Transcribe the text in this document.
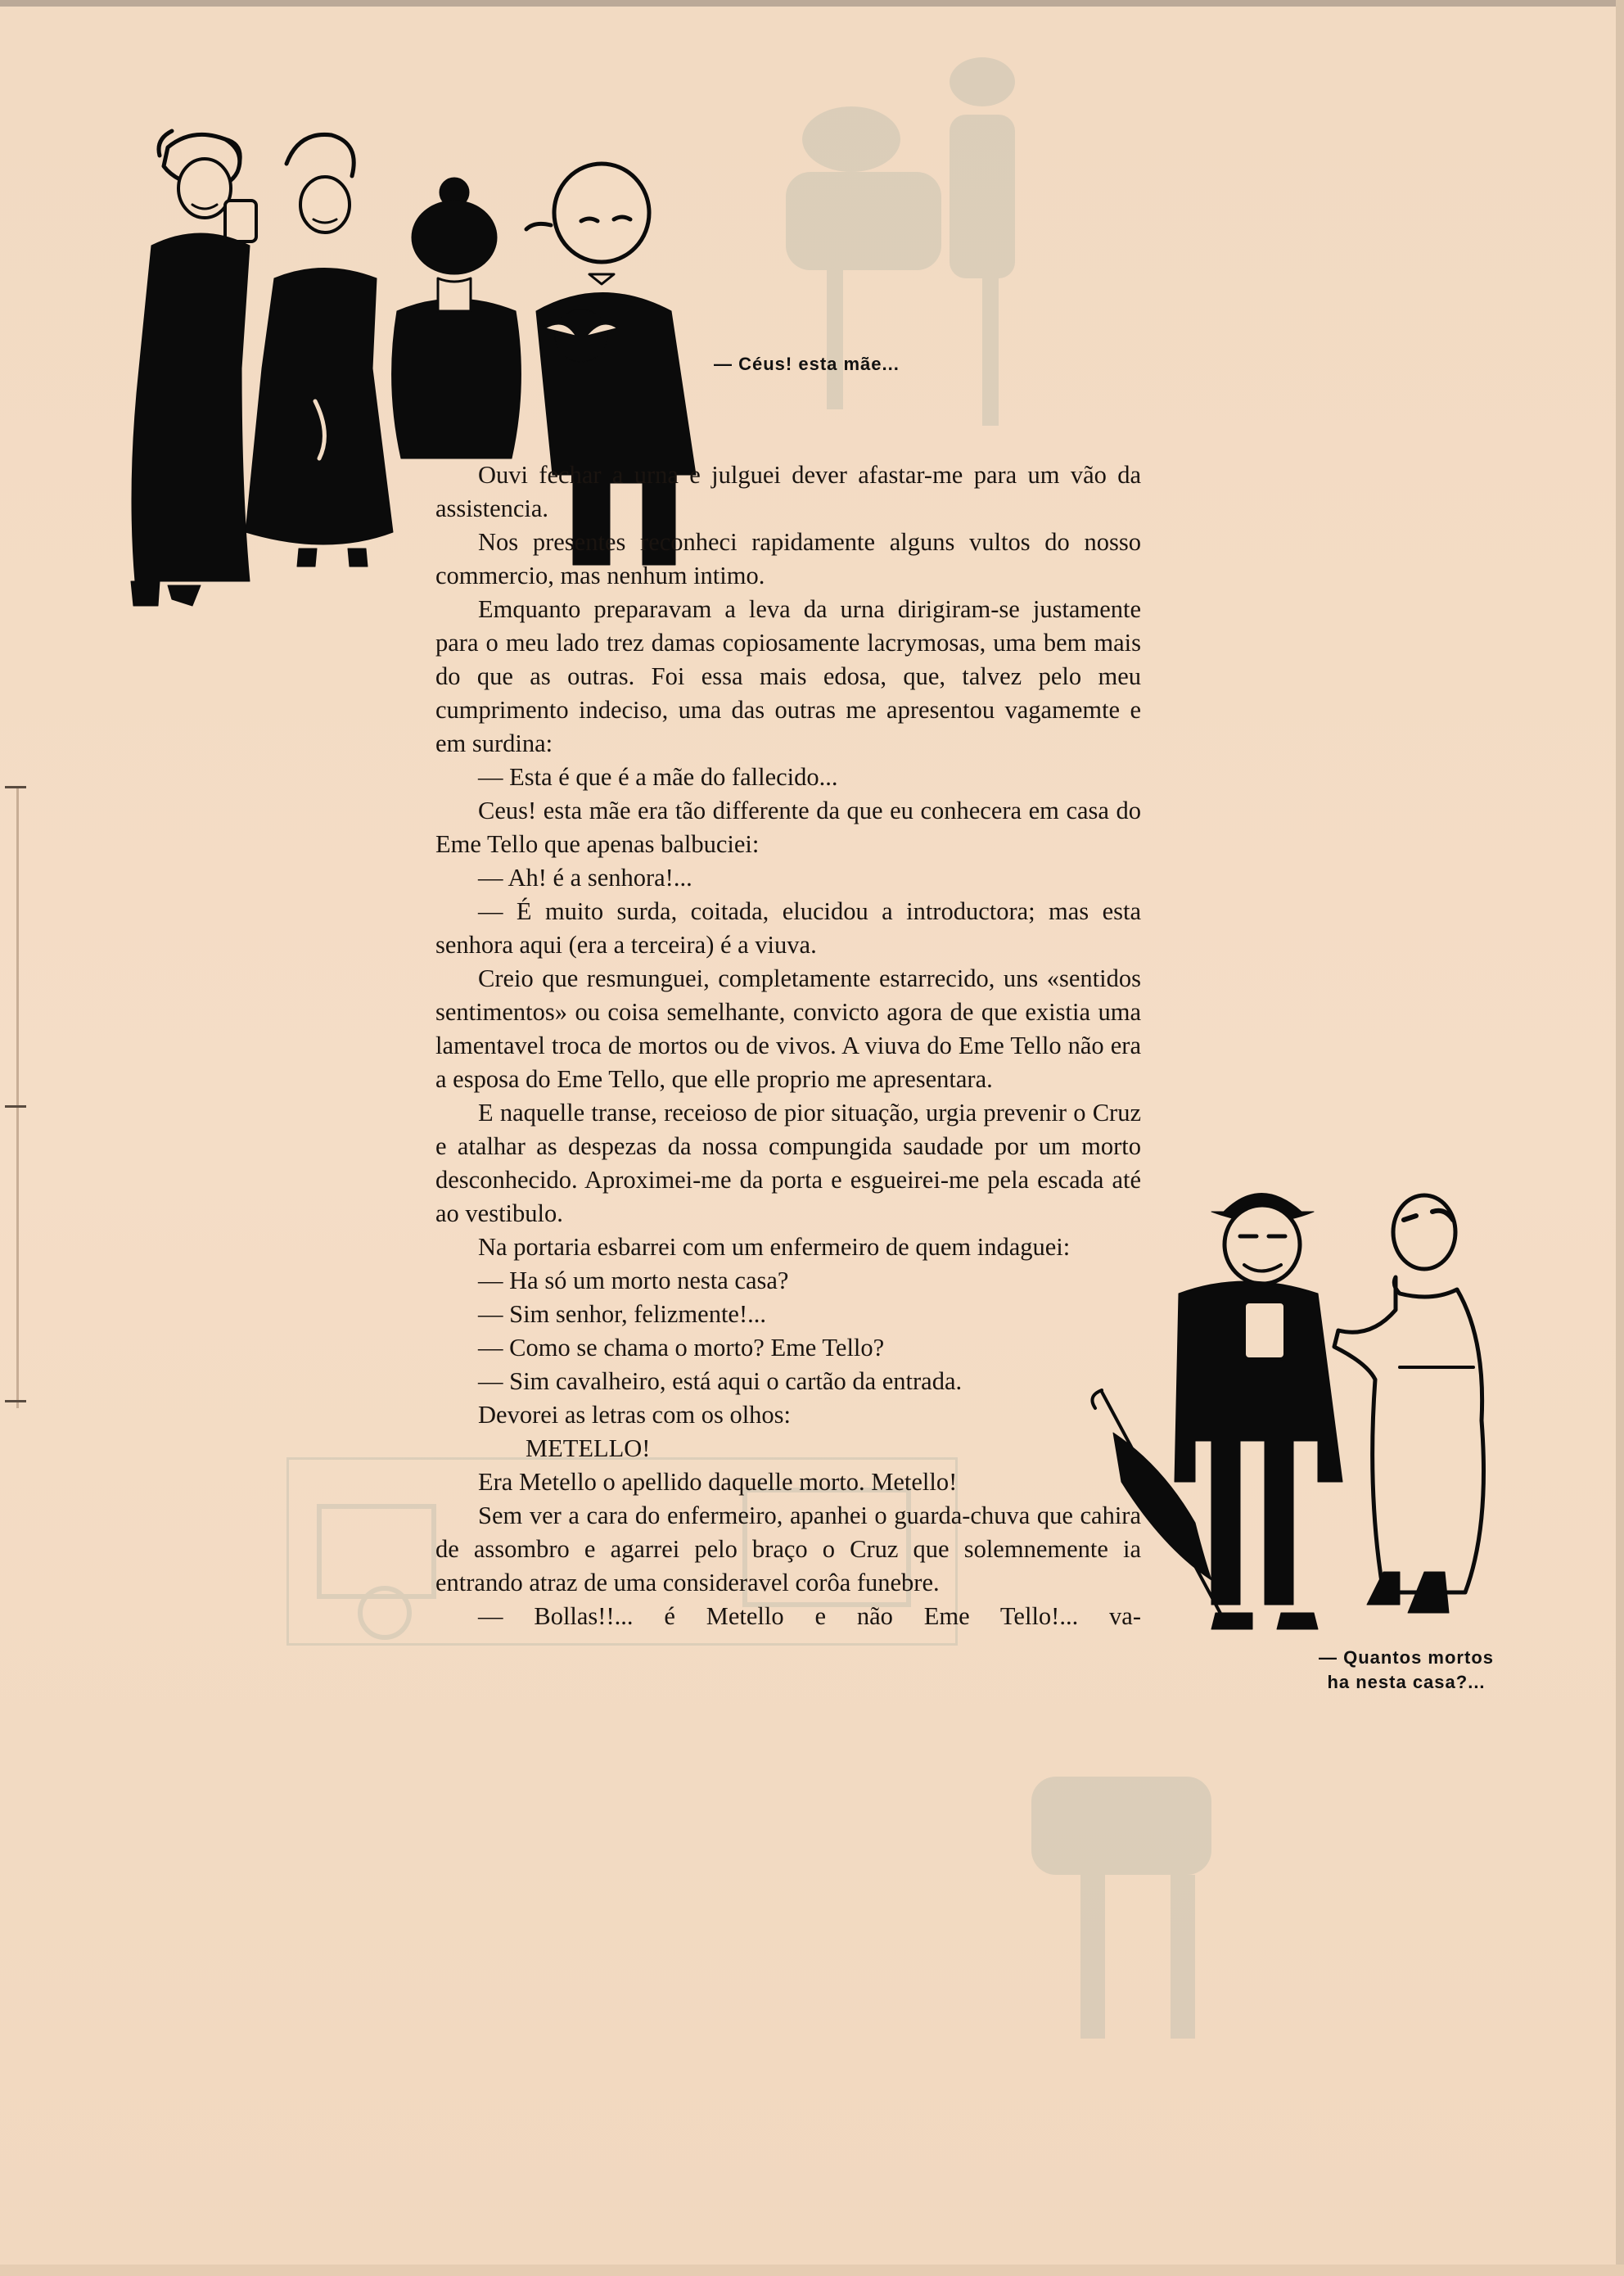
— Céus! esta mãe...
— Quantos mortos
ha nesta casa?...

Ouvi fechar a urna e julguei dever afastar-me para um vão da assistencia.

Nos presentes reconheci rapidamente alguns vultos do nosso commercio, mas nenhum intimo.

Emquanto preparavam a leva da urna dirigiram-se justamente para o meu lado trez damas copiosamente lacrymosas, uma bem mais do que as outras. Foi essa mais edosa, que, talvez pelo meu cumprimento indeciso, uma das outras me apresentou vagamemte e em surdina:

— Esta é que é a mãe do fallecido...

Ceus! esta mãe era tão differente da que eu conhecera em casa do Eme Tello que apenas balbuciei:

— Ah! é a senhora!...

— É muito surda, coitada, elucidou a introductora; mas esta senhora aqui (era a terceira) é a viuva.

Creio que resmunguei, completamente estarrecido, uns «sentidos sentimentos» ou coisa semelhante, convicto agora de que existia uma lamentavel troca de mortos ou de vivos. A viuva do Eme Tello não era a esposa do Eme Tello, que elle proprio me apresentara.

E naquelle transe, receioso de pior situação, urgia prevenir o Cruz e atalhar as despezas da nossa compungida saudade por um morto desconhecido. Aproximei-me da porta e esgueirei-me pela escada até ao vestibulo.

Na portaria esbarrei com um enfermeiro de quem indaguei:

— Ha só um morto nesta casa?

— Sim senhor, felizmente!...

— Como se chama o morto? Eme Tello?

— Sim cavalheiro, está aqui o cartão da entrada.

Devorei as letras com os olhos:

METELLO!

Era Metello o apellido daquelle morto. Metello!

Sem ver a cara do enfermeiro, apanhei o guarda-chuva que cahira de assombro e agarrei pelo braço o Cruz que solemnemente ia entrando atraz de uma consideravel corôa funebre.

— Bollas!!... é Metello e não Eme Tello!... va-
